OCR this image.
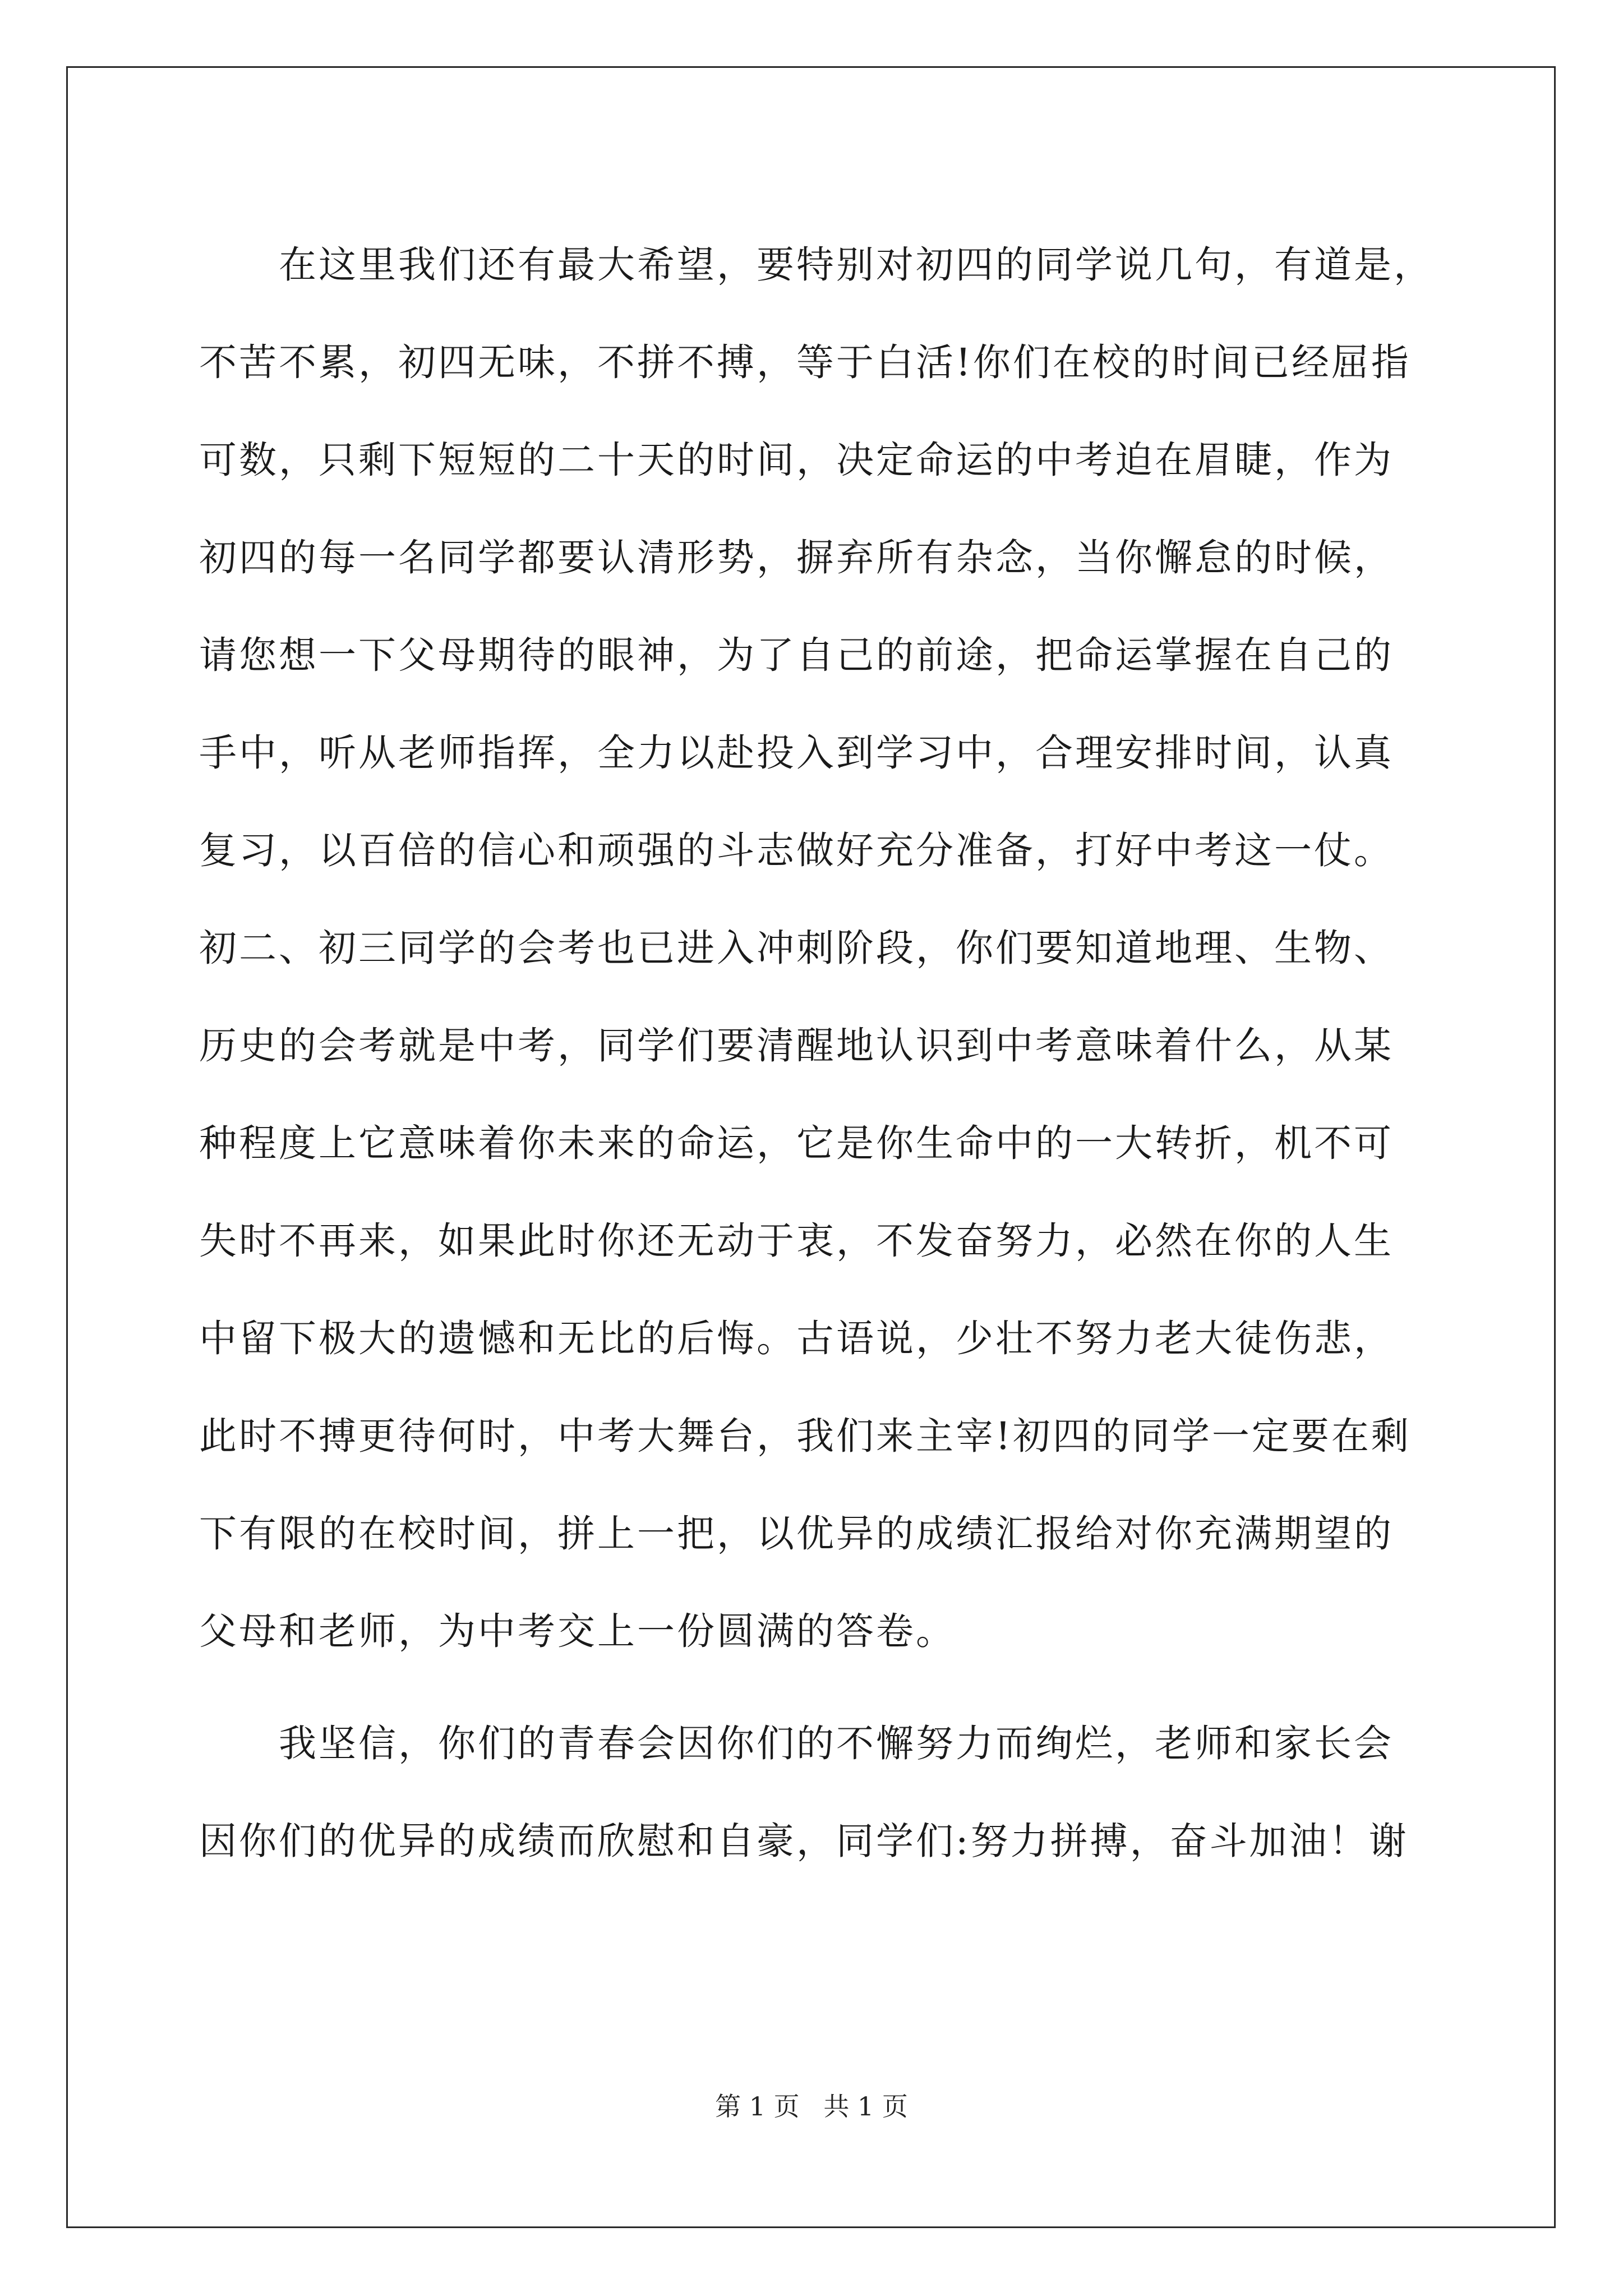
　　在这里我们还有最大希望，要特别对初四的同学说几句，有道是，
不苦不累，初四无味，不拼不搏，等于白活!你们在校的时间已经屈指
可数，只剩下短短的二十天的时间，决定命运的中考迫在眉睫，作为
初四的每一名同学都要认清形势，摒弃所有杂念，当你懈怠的时候，
请您想一下父母期待的眼神，为了自己的前途，把命运掌握在自己的
手中，听从老师指挥，全力以赴投入到学习中，合理安排时间，认真
复习，以百倍的信心和顽强的斗志做好充分准备，打好中考这一仗。
初二、初三同学的会考也已进入冲刺阶段，你们要知道地理、生物、
历史的会考就是中考，同学们要清醒地认识到中考意味着什么，从某
种程度上它意味着你未来的命运，它是你生命中的一大转折，机不可
失时不再来，如果此时你还无动于衷，不发奋努力，必然在你的人生
中留下极大的遗憾和无比的后悔。古语说，少壮不努力老大徒伤悲，
此时不搏更待何时，中考大舞台，我们来主宰!初四的同学一定要在剩
下有限的在校时间，拼上一把，以优异的成绩汇报给对你充满期望的
父母和老师，为中考交上一份圆满的答卷。
　　我坚信，你们的青春会因你们的不懈努力而绚烂，老师和家长会
因你们的优异的成绩而欣慰和自豪，同学们:努力拼搏，奋斗加油！谢
第 1 页 共 1 页
